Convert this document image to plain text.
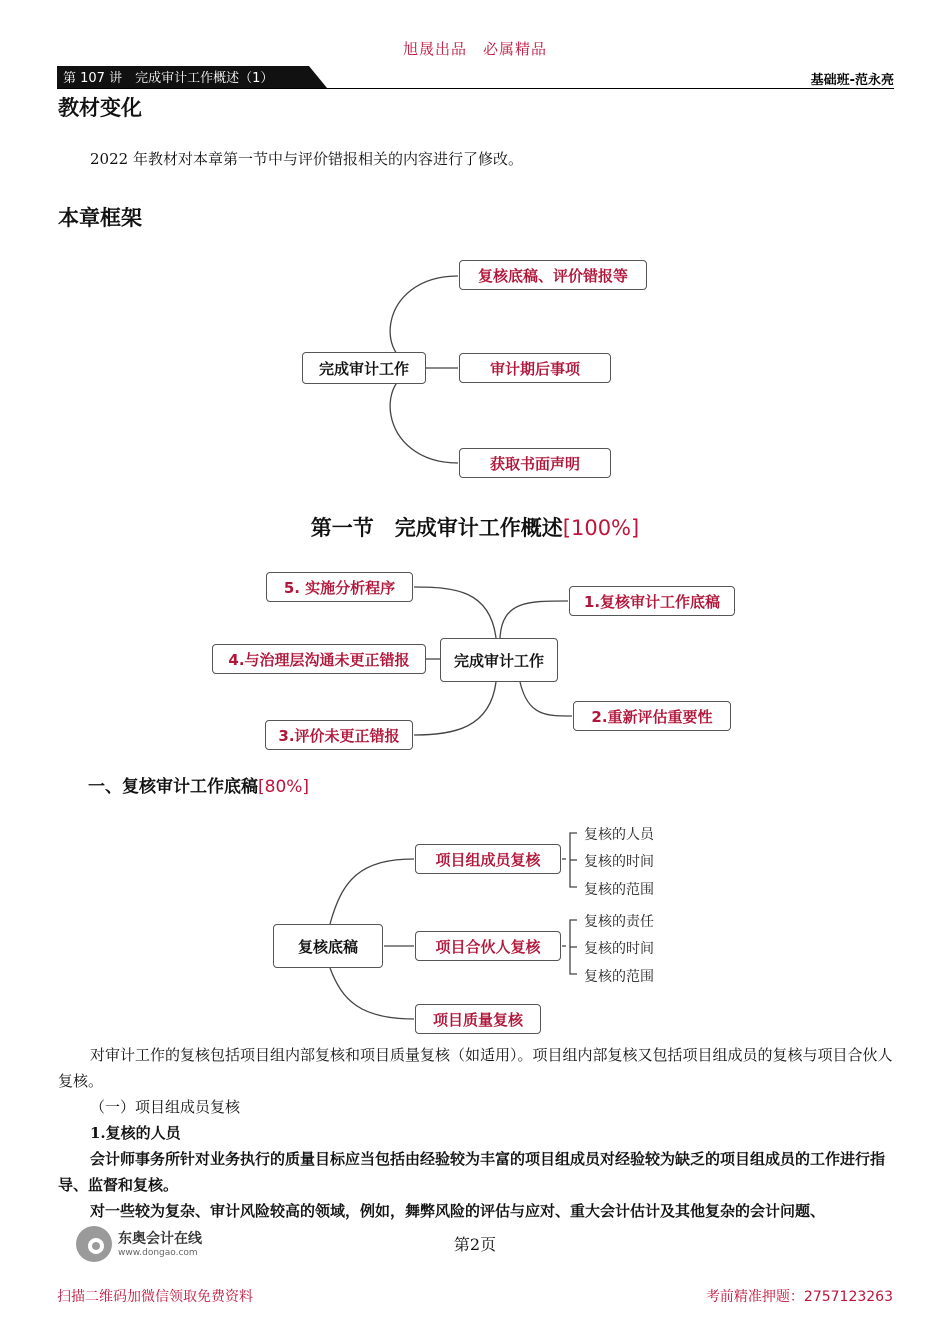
旭晟出品　必属精品
第 107 讲　完成审计工作概述（1）	基础班-范永亮
教材变化
2022 年教材对本章第一节中与评价错报相关的内容进行了修改。
本章框架
完成审计工作
复核底稿、评价错报等
审计期后事项
获取书面声明
第一节　完成审计工作概述[100%]
完成审计工作
1.复核审计工作底稿
2.重新评估重要性
3.评价未更正错报
4.与治理层沟通未更正错报
5. 实施分析程序
一、复核审计工作底稿[80%]
复核底稿
项目组成员复核
项目合伙人复核
项目质量复核
复核的人员
复核的时间
复核的范围
复核的责任
复核的时间
复核的范围
对审计工作的复核包括项目组内部复核和项目质量复核（如适用）。项目组内部复核又包括项目组成员的复核与项目合伙人复核。
（一）项目组成员复核
1.复核的人员
会计师事务所针对业务执行的质量目标应当包括由经验较为丰富的项目组成员对经验较为缺乏的项目组成员的工作进行指导、监督和复核。
对一些较为复杂、审计风险较高的领域，例如，舞弊风险的评估与应对、重大会计估计及其他复杂的会计问题、
东奥会计在线
www.dongao.com	第2页
扫描二维码加微信领取免费资料	考前精准押题：2757123263
